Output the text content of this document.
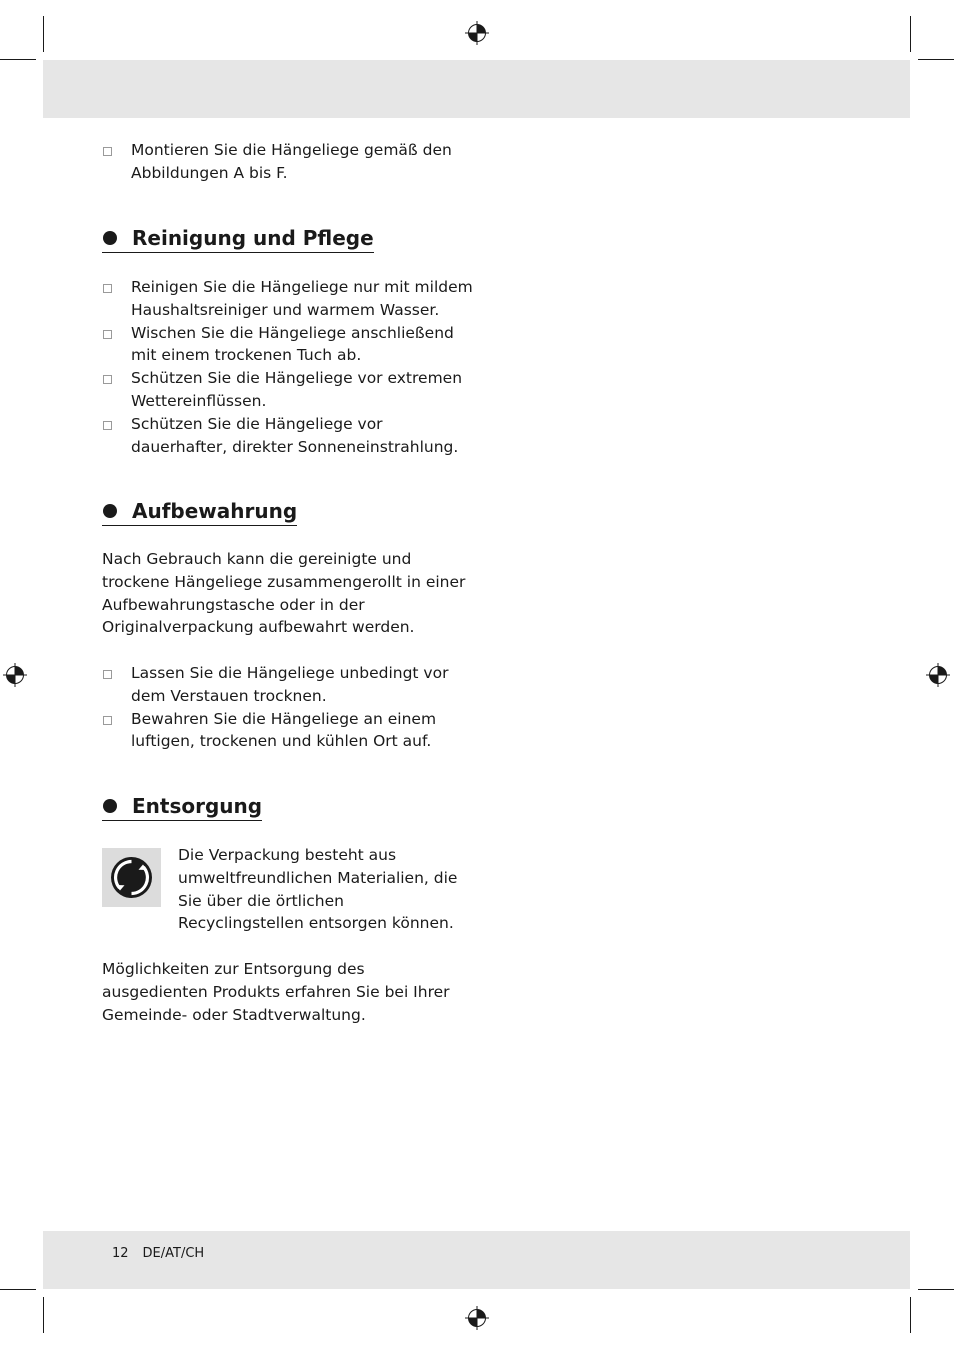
12 DE/AT/CH
Montieren Sie die Hängeliege gemäß den Abbildungen A bis F.
Reinigung und Pflege
Reinigen Sie die Hängeliege nur mit mildem Haushaltsreiniger und warmem Wasser.
Wischen Sie die Hängeliege anschließend mit einem trockenen Tuch ab.
Schützen Sie die Hängeliege vor extremen Wettereinflüssen.
Schützen Sie die Hängeliege vor dauerhafter, direkter Sonneneinstrahlung.
Aufbewahrung

Nach Gebrauch kann die gereinigte und trockene Hängeliege zusammengerollt in einer Aufbewahrungstasche oder in der Originalverpackung aufbewahrt werden.

Lassen Sie die Hängeliege unbedingt vor dem Verstauen trocknen.
Bewahren Sie die Hängeliege an einem luftigen, trockenen und kühlen Ort auf.
Entsorgung

Die Verpackung besteht aus umweltfreundlichen Materialien, die Sie über die örtlichen Recyclingstellen entsorgen können.

Möglichkeiten zur Entsorgung des ausgedienten Produkts erfahren Sie bei Ihrer Gemeinde- oder Stadtverwaltung.
